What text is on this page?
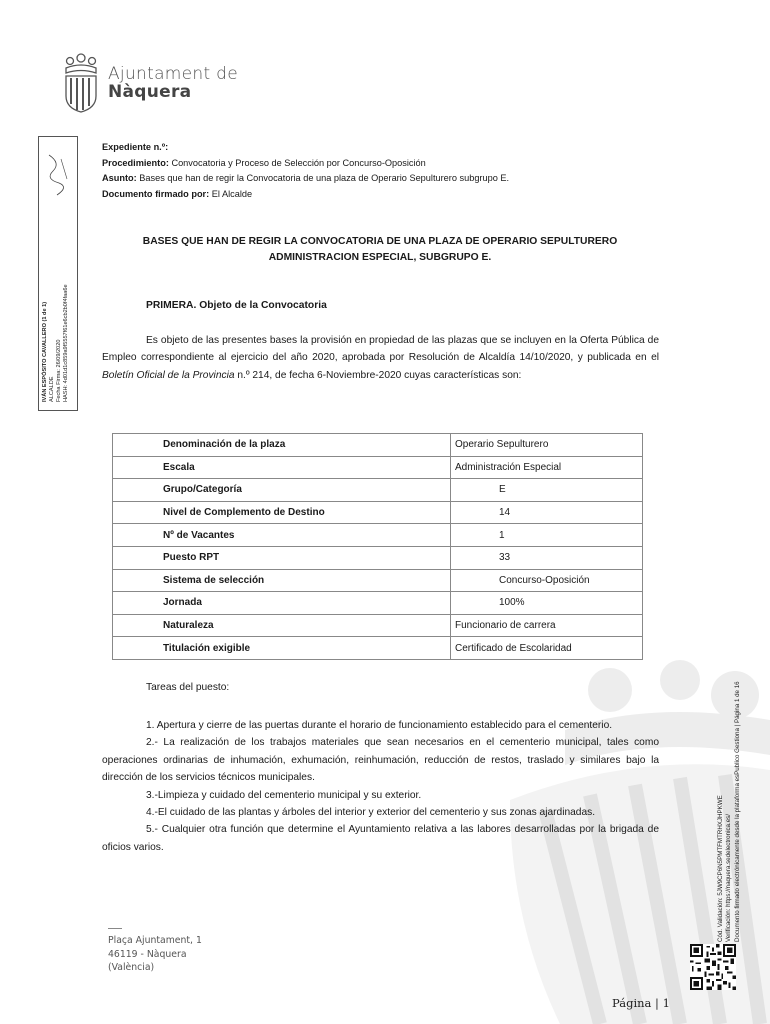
Ajuntament de
Nàquera
IVÁN ESPÓSITO CAVALLERO (1 de 1) ALCALDE Fecha Firma: 26/09/2020 HASH: 4d01d1c859a9f5557f61e6cb2b0f4faa6e
Expediente n.º:
Procedimiento: Convocatoria y Proceso de Selección por Concurso-Oposición
Asunto: Bases que han de regir la Convocatoria de una plaza de Operario Sepulturero subgrupo E.
Documento firmado por: El Alcalde
BASES QUE HAN DE REGIR LA CONVOCATORIA DE UNA PLAZA DE OPERARIO SEPULTURERO
ADMINISTRACION ESPECIAL, SUBGRUPO E.
PRIMERA. Objeto de la Convocatoria
Es objeto de las presentes bases la provisión en propiedad de las plazas que se incluyen en la Oferta Pública de Empleo correspondiente al ejercicio del año 2020, aprobada por Resolución de Alcaldía 14/10/2020, y publicada en el Boletín Oficial de la Provincia n.º 214, de fecha 6-Noviembre-2020 cuyas características son:
Denominación de la plaza	Operario Sepulturero
Escala	Administración Especial
Grupo/Categoría	E
Nivel de Complemento de Destino	14
Nº de Vacantes	1
Puesto RPT	33
Sistema de selección	Concurso-Oposición
Jornada	100%
Naturaleza	Funcionario de carrera
Titulación exigible	Certificado de Escolaridad
Tareas del puesto:

1. Apertura y cierre de las puertas durante el horario de funcionamiento establecido para el cementerio.

2.- La realización de los trabajos materiales que sean necesarios en el cementerio municipal, tales como operaciones ordinarias de inhumación, exhumación, reinhumación, reducción de restos, traslado y similares bajo la dirección de los servicios técnicos municipales.

3.-Limpieza y cuidado del cementerio municipal y su exterior.

4.-El cuidado de las plantas y árboles del interior y exterior del cementerio y sus zonas ajardinadas.

5.- Cualquier otra función que determine el Ayuntamiento relativa a las labores desarrolladas por la brigada de oficios varios.

Plaça Ajuntament, 1
46119 - Nàquera
(València)
Cód. Validación: 5JW9CP6N5PMTFMTRHXJHPKWE Verificación: https://naquera.sedelectronica.es/ Documento firmado electrónicamente desde la plataforma esPublico Gestiona | Página 1 de 16
Página | 1
